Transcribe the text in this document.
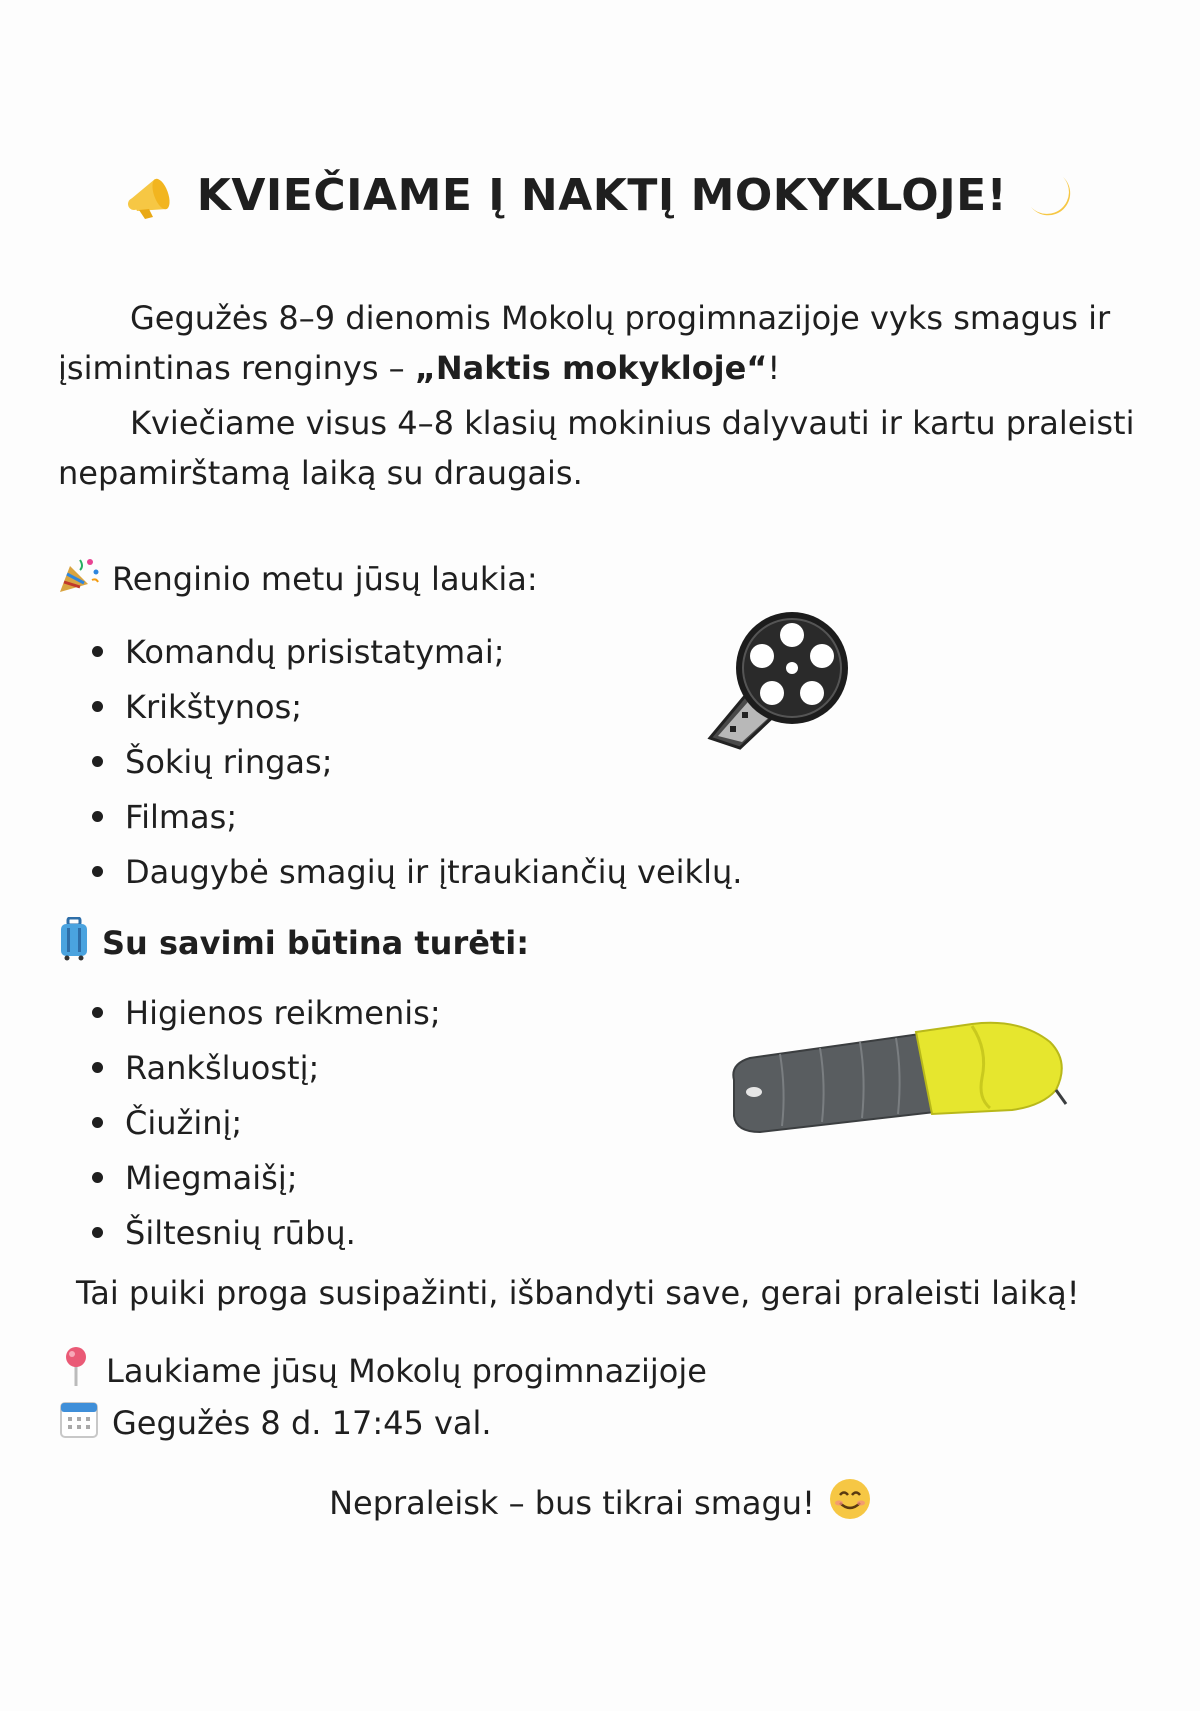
KVIEČIAME Į NAKTĮ MOKYKLOJE!
Gegužės 8–9 dienomis Mokolų progimnazijoje vyks smagus ir įsimintinas renginys – „Naktis mokykloje“!
Kviečiame visus 4–8 klasių mokinius dalyvauti ir kartu praleisti nepamirštamą laiką su draugais.
Renginio metu jūsų laukia:
Komandų prisistatymai;
Krikštynos;
Šokių ringas;
Filmas;
Daugybė smagių ir įtraukiančių veiklų.
Su savimi būtina turėti:
Higienos reikmenis;
Rankšluostį;
Čiužinį;
Miegmaišį;
Šiltesnių rūbų.
Tai puiki proga susipažinti, išbandyti save, gerai praleisti laiką!
Laukiame jūsų Mokolų progimnazijoje
Gegužės 8 d. 17:45 val.
Nepraleisk – bus tikrai smagu!
